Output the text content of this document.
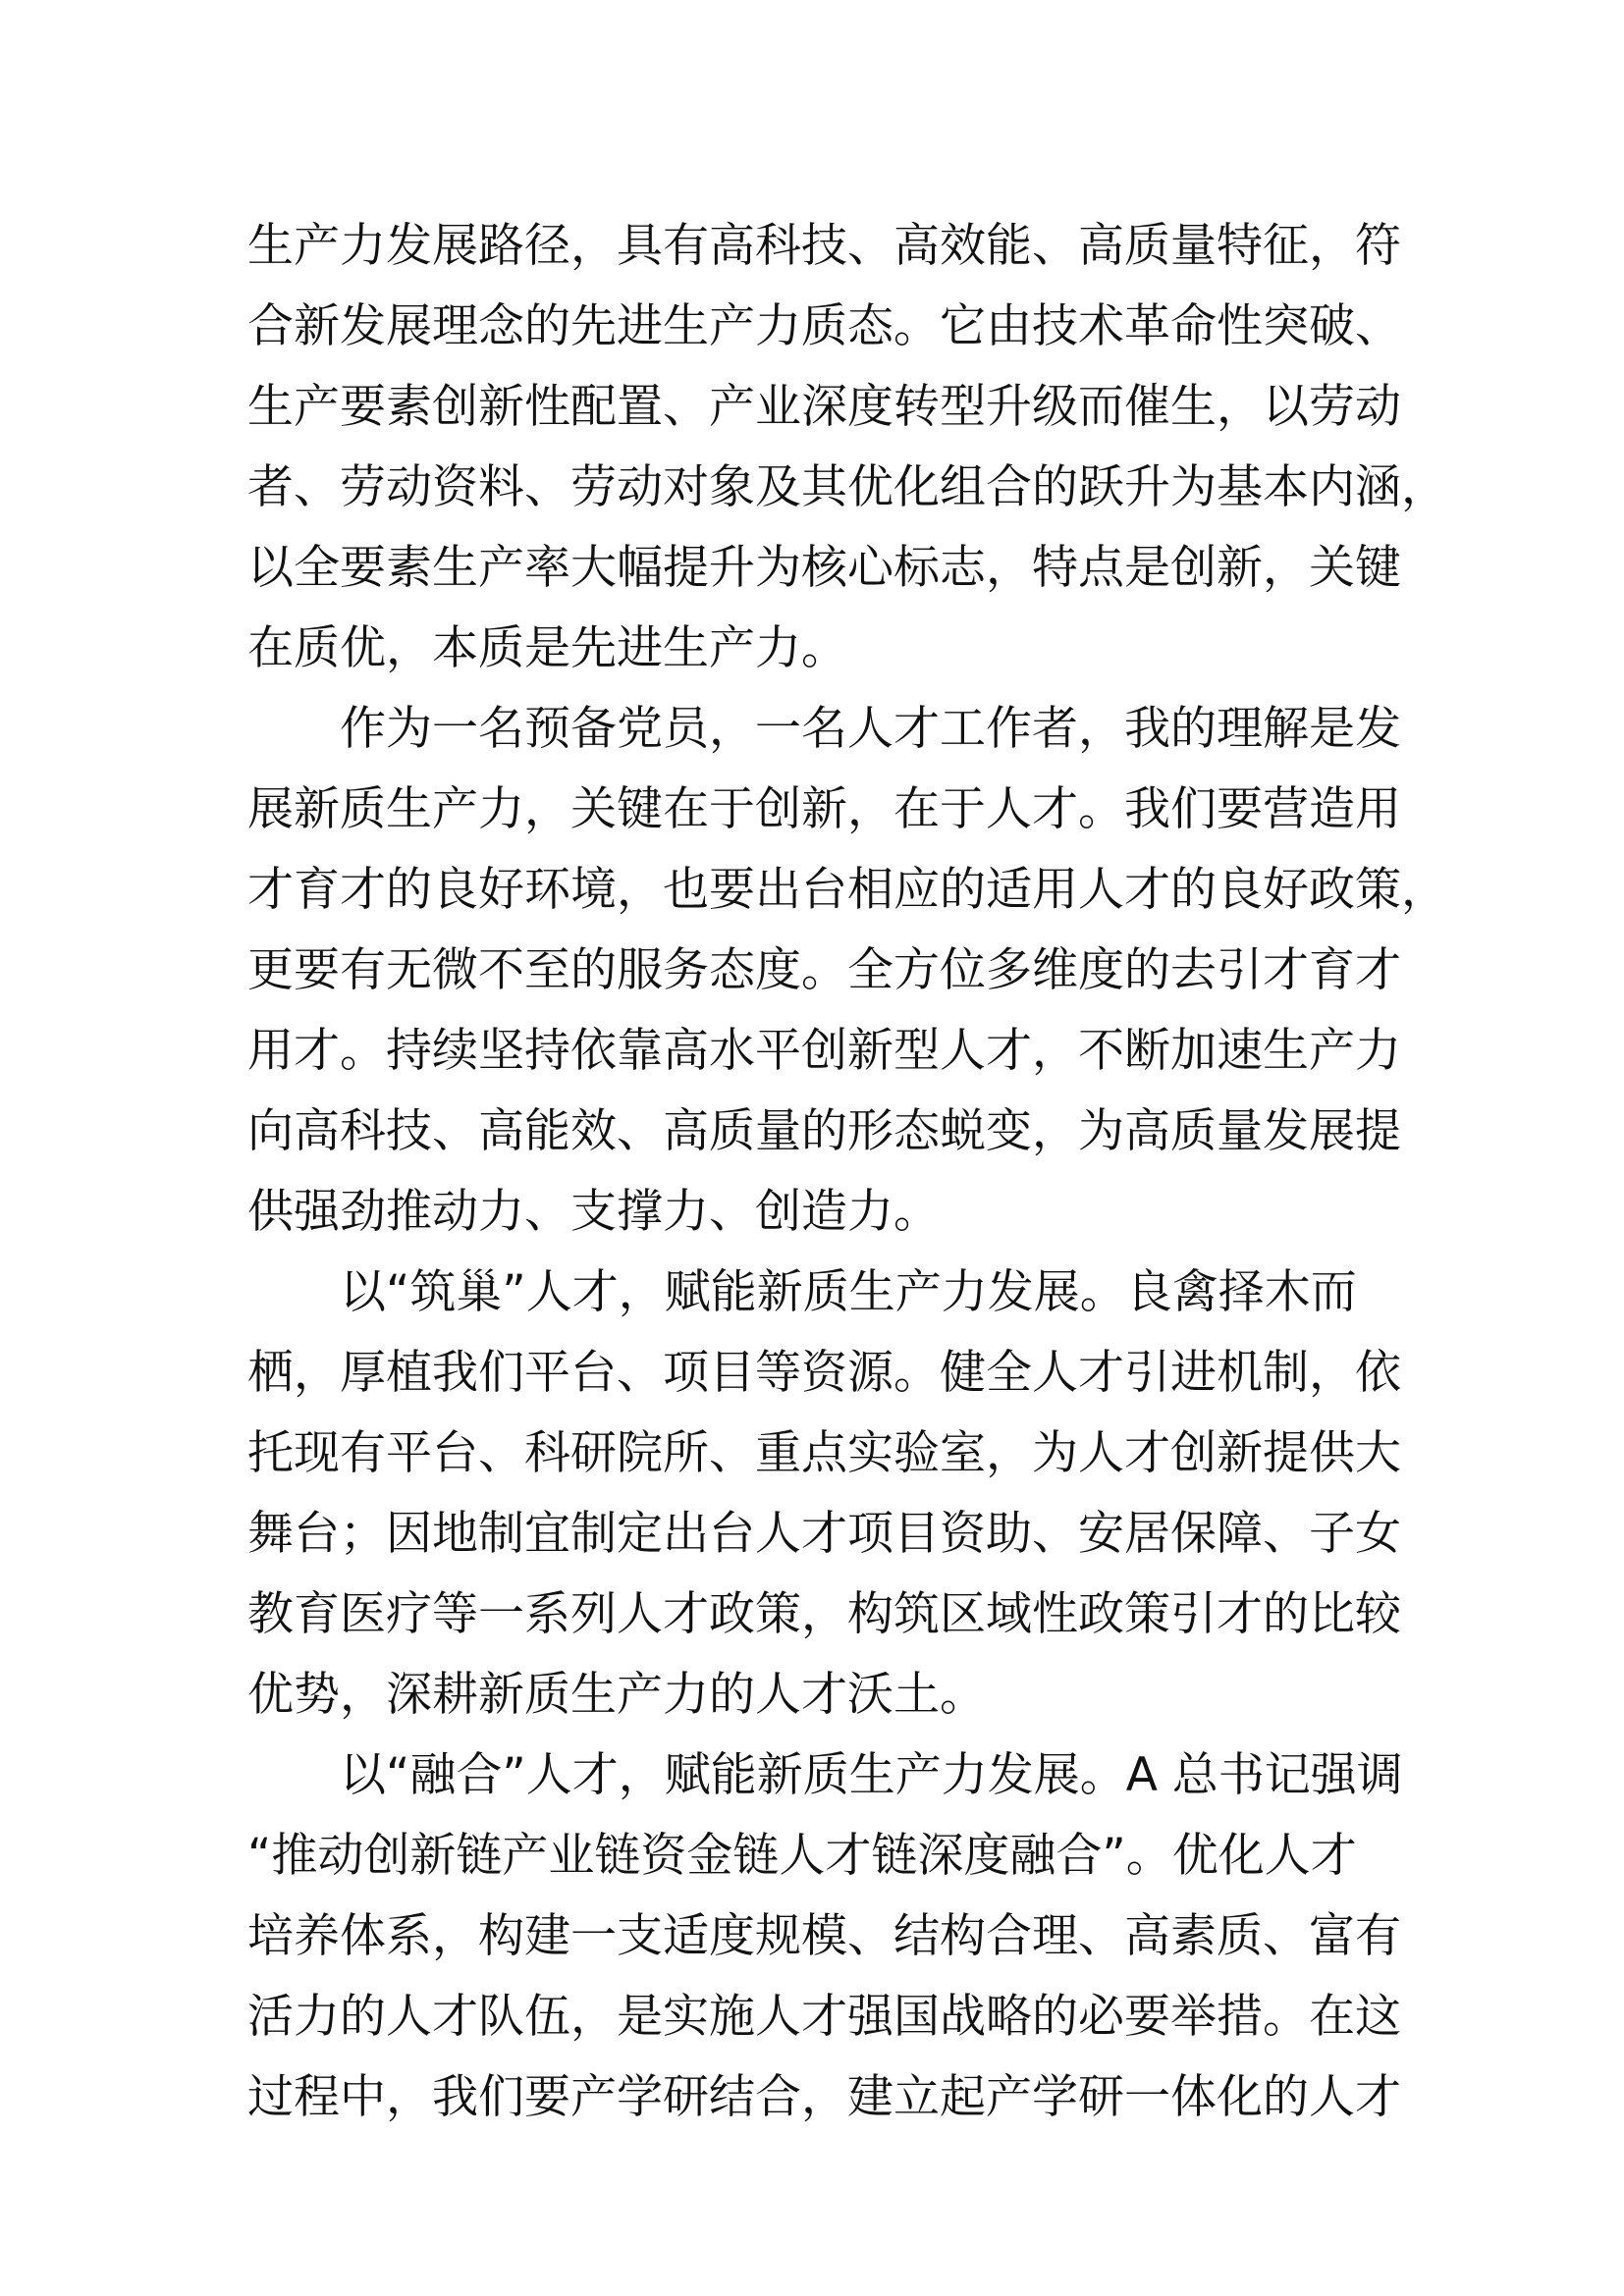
生产力发展路径，具有高科技、高效能、高质量特征，符
合新发展理念的先进生产力质态。它由技术革命性突破、
生产要素创新性配置、产业深度转型升级而催生，以劳动
者、劳动资料、劳动对象及其优化组合的跃升为基本内涵，
以全要素生产率大幅提升为核心标志，特点是创新，关键
在质优，本质是先进生产力。
　　作为一名预备党员，一名人才工作者，我的理解是发
展新质生产力，关键在于创新，在于人才。我们要营造用
才育才的良好环境，也要出台相应的适用人才的良好政策，
更要有无微不至的服务态度。全方位多维度的去引才育才
用才。持续坚持依靠高水平创新型人才，不断加速生产力
向高科技、高能效、高质量的形态蜕变，为高质量发展提
供强劲推动力、支撑力、创造力。
　　以“筑巢”人才，赋能新质生产力发展。良禽择木而
栖，厚植我们平台、项目等资源。健全人才引进机制，依
托现有平台、科研院所、重点实验室，为人才创新提供大
舞台；因地制宜制定出台人才项目资助、安居保障、子女
教育医疗等一系列人才政策，构筑区域性政策引才的比较
优势，深耕新质生产力的人才沃土。
　　以“融合”人才，赋能新质生产力发展。A 总书记强调
“推动创新链产业链资金链人才链深度融合”。优化人才
培养体系，构建一支适度规模、结构合理、高素质、富有
活力的人才队伍，是实施人才强国战略的必要举措。在这
过程中，我们要产学研结合，建立起产学研一体化的人才
